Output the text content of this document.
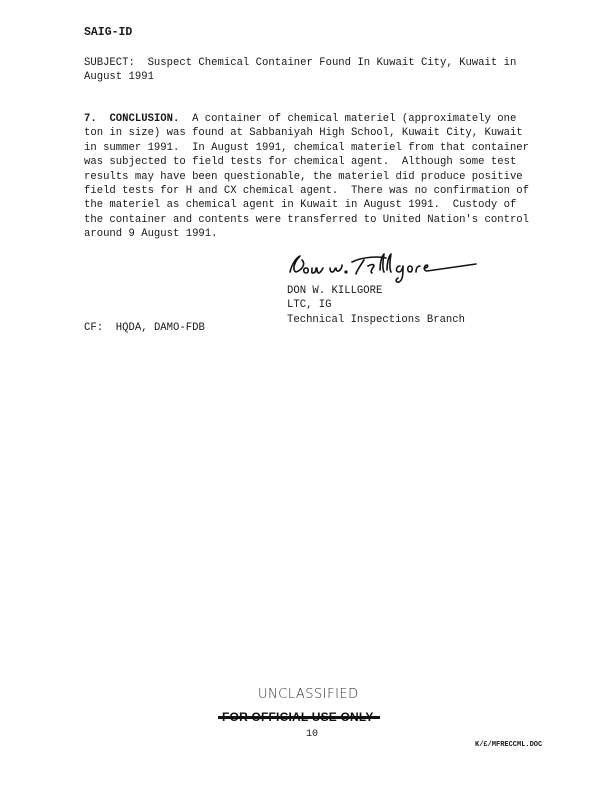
SAIG-ID
SUBJECT: Suspect Chemical Container Found In Kuwait City, Kuwait in
August 1991
7. CONCLUSION. A container of chemical materiel (approximately one
ton in size) was found at Sabbaniyah High School, Kuwait City, Kuwait
in summer 1991.  In August 1991, chemical materiel from that container
was subjected to field tests for chemical agent.  Although some test
results may have been questionable, the materiel did produce positive
field tests for H and CX chemical agent.  There was no confirmation of
the materiel as chemical agent in Kuwait in August 1991.  Custody of
the container and contents were transferred to United Nation's control
around 9 August 1991.
DON W. KILLGORE
LTC, IG
Technical Inspections Branch
CF: HQDA, DAMO-FDB
UNCLASSIFIED
10
K/£/MFRECCML.DOC
